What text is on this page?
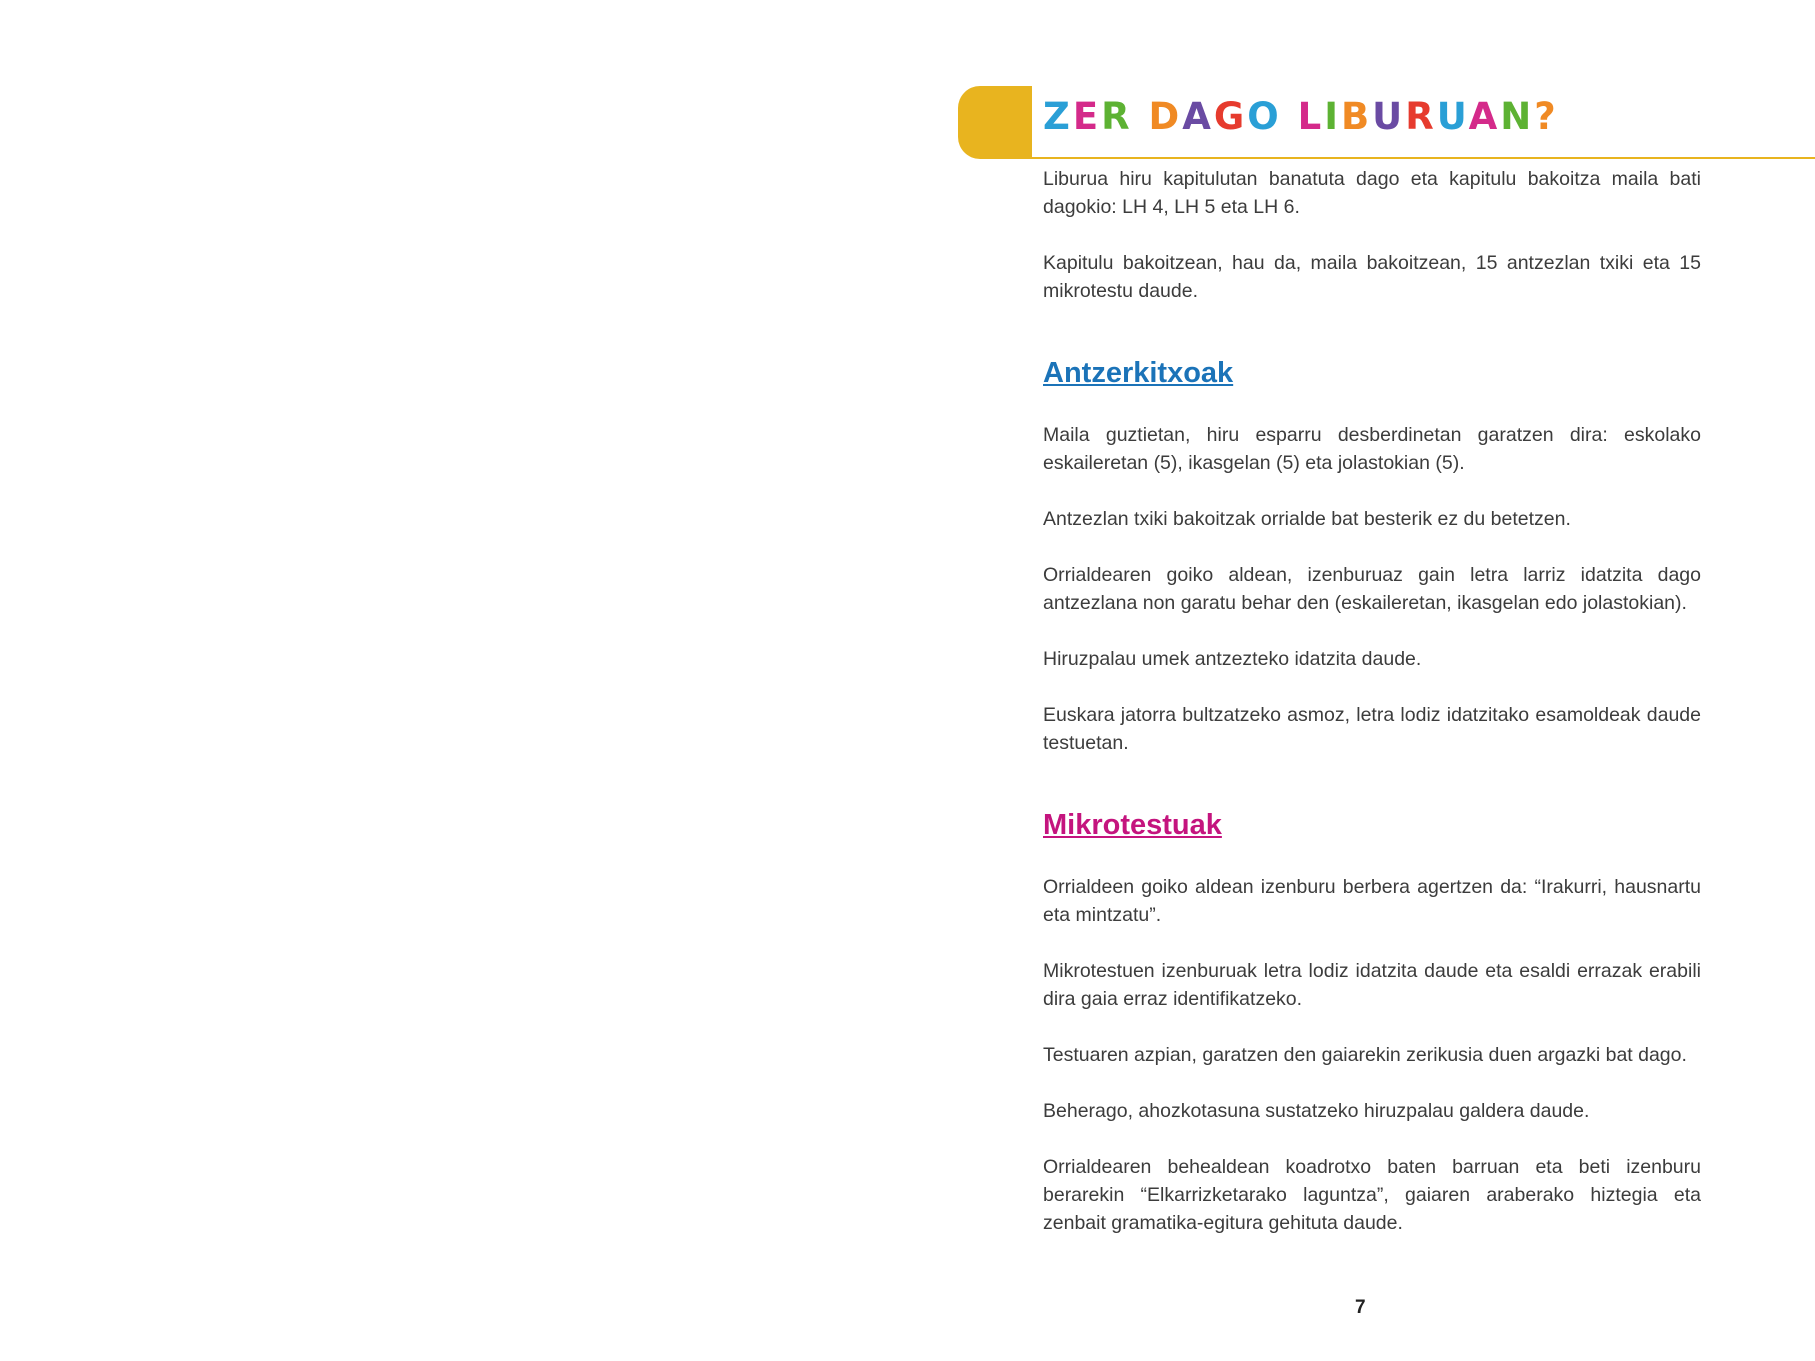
ZER DAGO LIBURUAN?

Liburua hiru kapitulutan banatuta dago eta kapitulu bakoitza maila bati dagokio: LH 4, LH 5 eta LH 6.

Kapitulu bakoitzean, hau da, maila bakoitzean, 15 antzezlan txiki eta 15 mikrotestu daude.

Antzerkitxoak

Maila guztietan, hiru esparru desberdinetan garatzen dira: eskolako eskaileretan (5), ikasgelan (5) eta jolastokian (5).

Antzezlan txiki bakoitzak orrialde bat besterik ez du betetzen.

Orrialdearen goiko aldean, izenburuaz gain letra larriz idatzita dago antzezlana non garatu behar den (eskaileretan, ikasgelan edo jolastokian).

Hiruzpalau umek antzezteko idatzita daude.

Euskara jatorra bultzatzeko asmoz, letra lodiz idatzitako esamoldeak daude testuetan.

Mikrotestuak

Orrialdeen goiko aldean izenburu berbera agertzen da: “Irakurri, hausnartu eta mintzatu”.

Mikrotestuen izenburuak letra lodiz idatzita daude eta esaldi errazak erabili dira gaia erraz identifikatzeko.

Testuaren azpian, garatzen den gaiarekin zerikusia duen argazki bat dago.

Beherago, ahozkotasuna sustatzeko hiruzpalau galdera daude.

Orrialdearen behealdean koadrotxo baten barruan eta beti izenburu berarekin “Elkarrizketarako laguntza”, gaiaren araberako hiztegia eta zenbait gramatika-egitura gehituta daude.

7
